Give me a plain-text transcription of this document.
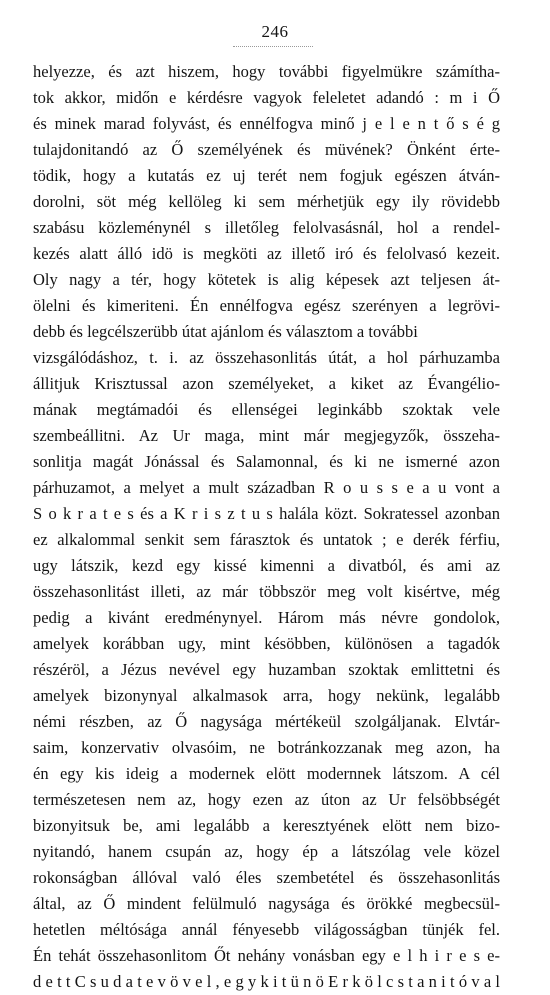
246
helyezze, és azt hiszem, hogy további figyelmükre számítha-
tok akkor, midőn e kérdésre vagyok feleletet adandó : m i Ő
és minek marad folyvást, és ennélfogva minő j e l e n t ő s é g
tulajdonitandó az Ő személyének és müvének? Önként érte-
tödik, hogy a kutatás ez uj terét nem fogjuk egészen átván-
dorolni, söt még kellöleg ki sem mérhetjük egy ily rövidebb
szabásu közleménynél s illetőleg felolvasásnál, hol a rendel-
kezés alatt álló idö is megköti az illető iró és felolvasó kezeit.
Oly nagy a tér, hogy kötetek is alig képesek azt teljesen át-
ölelni és kimeriteni. Én ennélfogva egész szerényen a legrövi-
debb és legcélszerübb útat ajánlom és választom a további
vizsgálódáshoz, t. i. az összehasonlitás útát, a hol párhuzamba
állitjuk Krisztussal azon személyeket, a kiket az Évangélio-
mának megtámadói és ellenségei leginkább szoktak vele
szembeállitni. Az Ur maga, mint már megjegyzők, összeha-
sonlitja magát Jónással és Salamonnal, és ki ne ismerné azon
párhuzamot, a melyet a mult században R o u s s e a u vont a
S o k r a t e s és a K r i s z t u s halála közt. Sokratessel azonban
ez alkalommal senkit sem fárasztok és untatok ; e derék férfiu,
ugy látszik, kezd egy kissé kimenni a divatból, és ami az
összehasonlitást illeti, az már többször meg volt kisértve, még
pedig a kivánt eredménynyel. Három más névre gondolok,
amelyek korábban ugy, mint késöbben, különösen a tagadók
részéröl, a Jézus nevével egy huzamban szoktak emlittetni és
amelyek bizonynyal alkalmasok arra, hogy nekünk, legalább
némi részben, az Ő nagysága mértékeül szolgáljanak. Elvtár-
saim, konzervativ olvasóim, ne botránkozzanak meg azon, ha
én egy kis ideig a modernek elött modernnek látszom. A cél
természetesen nem az, hogy ezen az úton az Ur felsöbbségét
bizonyitsuk be, ami legalább a keresztyének elött nem bizo-
nyitandó, hanem csupán az, hogy ép a látszólag vele közel
rokonságban állóval való éles szembetétel és összehasonlitás
által, az Ő mindent felülmuló nagysága és örökké megbecsül-
hetetlen méltósága annál fényesebb világosságban tünjék fel.
Én tehát összehasonlitom Őt nehány vonásban egy e l h i r e s e-
d e t t C s u d a t e v ö v e l , e g y k i t ü n ö E r k ö l c s t a n i t ó v a l
